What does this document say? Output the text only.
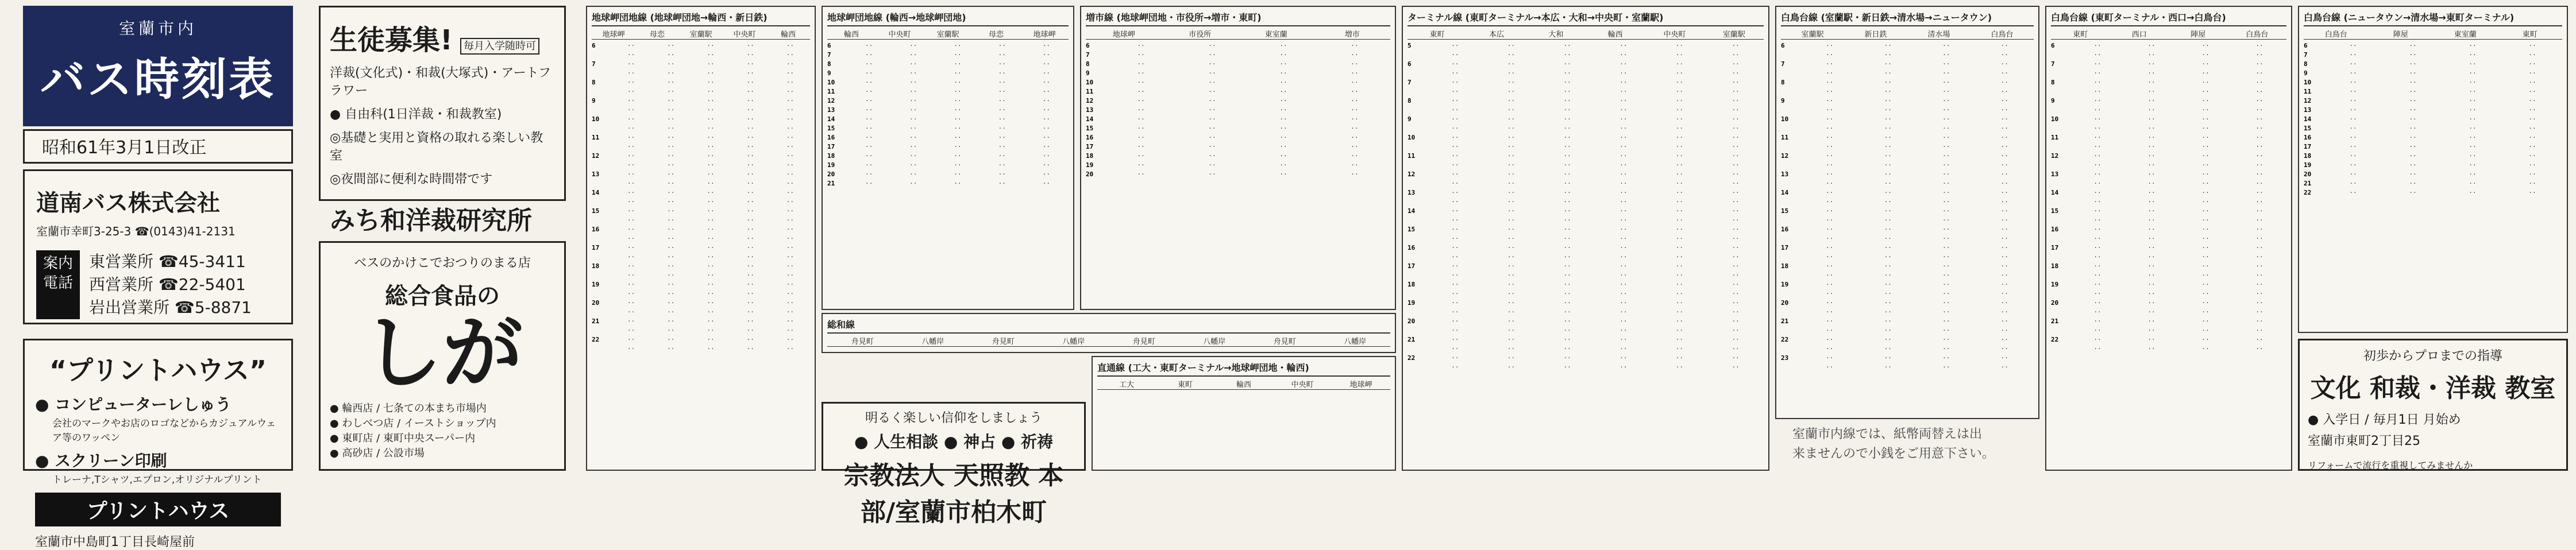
室蘭市内
バス時刻表
昭和61年3月1日改正
道南バス株式会社
室蘭市幸町3-25-3 ☎(0143)41-2131
案内電話
東営業所 ☎45-3411
西営業所 ☎22-5401
岩出営業所 ☎5-8871
“プリントハウス”
● コンピューターレしゅう
会社のマークやお店のロゴなどからカジュアルウェア等のワッペン
● スクリーン印刷
トレーナ,Tシャツ,エプロン,オリジナルプリント
プリントハウス
室蘭市中島町1丁目長崎屋前
生徒募集! 毎月入学随時可
洋裁(文化式)・和裁(大塚式)・アートフラワー
● 自由科(1日洋裁・和裁教室)
◎基礎と実用と資格の取れる楽しい教室
◎夜間部に便利な時間帯です
みち和洋裁研究所
ベスのかけこでおつりのまる店
総合食品の
しが
● 輪西店 / 七条ての本まち市場内
● わしべつ店 / イーストショップ内
● 東町店 / 東町中央スーパー内
● 高砂店 / 公設市場
地球岬団地線 (地球岬団地→輪西・新日鉄)
地球岬	母恋	室蘭駅	中央町	輪西
6	··	··	··	··	··
··	··	··	··	··
7	··	··	··	··	··
··	··	··	··	··
8	··	··	··	··	··
··	··	··	··	··
9	··	··	··	··	··
··	··	··	··	··
10	··	··	··	··	··
··	··	··	··	··
11	··	··	··	··	··
··	··	··	··	··
12	··	··	··	··	··
··	··	··	··	··
13	··	··	··	··	··
··	··	··	··	··
14	··	··	··	··	··
··	··	··	··	··
15	··	··	··	··	··
··	··	··	··	··
16	··	··	··	··	··
··	··	··	··	··
17	··	··	··	··	··
··	··	··	··	··
18	··	··	··	··	··
··	··	··	··	··
19	··	··	··	··	··
··	··	··	··	··
20	··	··	··	··	··
··	··	··	··	··
21	··	··	··	··	··
··	··	··	··	··
22	··	··	··	··	··
··	··	··	··	··
地球岬団地線 (輪西→地球岬団地)
輪西	中央町	室蘭駅	母恋	地球岬
6	··	··	··	··	··
7	··	··	··	··	··
8	··	··	··	··	··
9	··	··	··	··	··
10	··	··	··	··	··
11	··	··	··	··	··
12	··	··	··	··	··
13	··	··	··	··	··
14	··	··	··	··	··
15	··	··	··	··	··
16	··	··	··	··	··
17	··	··	··	··	··
18	··	··	··	··	··
19	··	··	··	··	··
20	··	··	··	··	··
21	··	··	··	··	··
増市線 (地球岬団地・市役所→増市・東町)
地球岬	市役所	東室蘭	増市
6	··	··	··	··
7	··	··	··	··
8	··	··	··	··
9	··	··	··	··
10	··	··	··	··
11	··	··	··	··
12	··	··	··	··
13	··	··	··	··
14	··	··	··	··
15	··	··	··	··
16	··	··	··	··
17	··	··	··	··
18	··	··	··	··
19	··	··	··	··
20	··	··	··	··
ターミナル線 (東町ターミナル→本広・大和→中央町・室蘭駅)
東町	本広	大和	輪西	中央町	室蘭駅
5	··	··	··	··	··	··
··	··	··	··	··	··
6	··	··	··	··	··	··
··	··	··	··	··	··
7	··	··	··	··	··	··
··	··	··	··	··	··
8	··	··	··	··	··	··
··	··	··	··	··	··
9	··	··	··	··	··	··
··	··	··	··	··	··
10	··	··	··	··	··	··
··	··	··	··	··	··
11	··	··	··	··	··	··
··	··	··	··	··	··
12	··	··	··	··	··	··
··	··	··	··	··	··
13	··	··	··	··	··	··
··	··	··	··	··	··
14	··	··	··	··	··	··
··	··	··	··	··	··
15	··	··	··	··	··	··
··	··	··	··	··	··
16	··	··	··	··	··	··
··	··	··	··	··	··
17	··	··	··	··	··	··
··	··	··	··	··	··
18	··	··	··	··	··	··
··	··	··	··	··	··
19	··	··	··	··	··	··
··	··	··	··	··	··
20	··	··	··	··	··	··
··	··	··	··	··	··
21	··	··	··	··	··	··
··	··	··	··	··	··
22	··	··	··	··	··	··
··	··	··	··	··	··
白鳥台線 (室蘭駅・新日鉄→清水場→ニュータウン)
室蘭駅	新日鉄	清水場	白鳥台
6	··	··	··	··
··	··	··	··
7	··	··	··	··
··	··	··	··
8	··	··	··	··
··	··	··	··
9	··	··	··	··
··	··	··	··
10	··	··	··	··
··	··	··	··
11	··	··	··	··
··	··	··	··
12	··	··	··	··
··	··	··	··
13	··	··	··	··
··	··	··	··
14	··	··	··	··
··	··	··	··
15	··	··	··	··
··	··	··	··
16	··	··	··	··
··	··	··	··
17	··	··	··	··
··	··	··	··
18	··	··	··	··
··	··	··	··
19	··	··	··	··
··	··	··	··
20	··	··	··	··
··	··	··	··
21	··	··	··	··
··	··	··	··
22	··	··	··	··
··	··	··	··
23	··	··	··	··
··	··	··	··
白鳥台線 (東町ターミナル・西口→白鳥台)
東町	西口	陣屋	白鳥台
6	··	··	··	··
··	··	··	··
7	··	··	··	··
··	··	··	··
8	··	··	··	··
··	··	··	··
9	··	··	··	··
··	··	··	··
10	··	··	··	··
··	··	··	··
11	··	··	··	··
··	··	··	··
12	··	··	··	··
··	··	··	··
13	··	··	··	··
··	··	··	··
14	··	··	··	··
··	··	··	··
15	··	··	··	··
··	··	··	··
16	··	··	··	··
··	··	··	··
17	··	··	··	··
··	··	··	··
18	··	··	··	··
··	··	··	··
19	··	··	··	··
··	··	··	··
20	··	··	··	··
··	··	··	··
21	··	··	··	··
··	··	··	··
22	··	··	··	··
··	··	··	··
白鳥台線 (ニュータウン→清水場→東町ターミナル)
白鳥台	陣屋	東室蘭	東町
6	··	··	··	··
7	··	··	··	··
8	··	··	··	··
9	··	··	··	··
10	··	··	··	··
11	··	··	··	··
12	··	··	··	··
13	··	··	··	··
14	··	··	··	··
15	··	··	··	··
16	··	··	··	··
17	··	··	··	··
18	··	··	··	··
19	··	··	··	··
20	··	··	··	··
21	··	··	··	··
22	··	··	··	··
総和線
舟見町	八幡岸	舟見町	八幡岸	舟見町	八幡岸	舟見町	八幡岸
直通線 (工大・東町ターミナル→地球岬団地・輪西)
工大	東町	輪西	中央町	地球岬
明るく楽しい信仰をしましょう
● 人生相談 ● 神占 ● 祈祷
宗教法人 天照教 本部/室蘭市柏木町
室蘭市内線では、紙幣両替えは出
来ませんので小銭をご用意下さい。
初歩からプロまでの指導
文化 和裁・洋裁 教室
● 入学日 / 毎月1日 月始め
室蘭市東町2丁目25
リフォームで流行を重視してみませんか
